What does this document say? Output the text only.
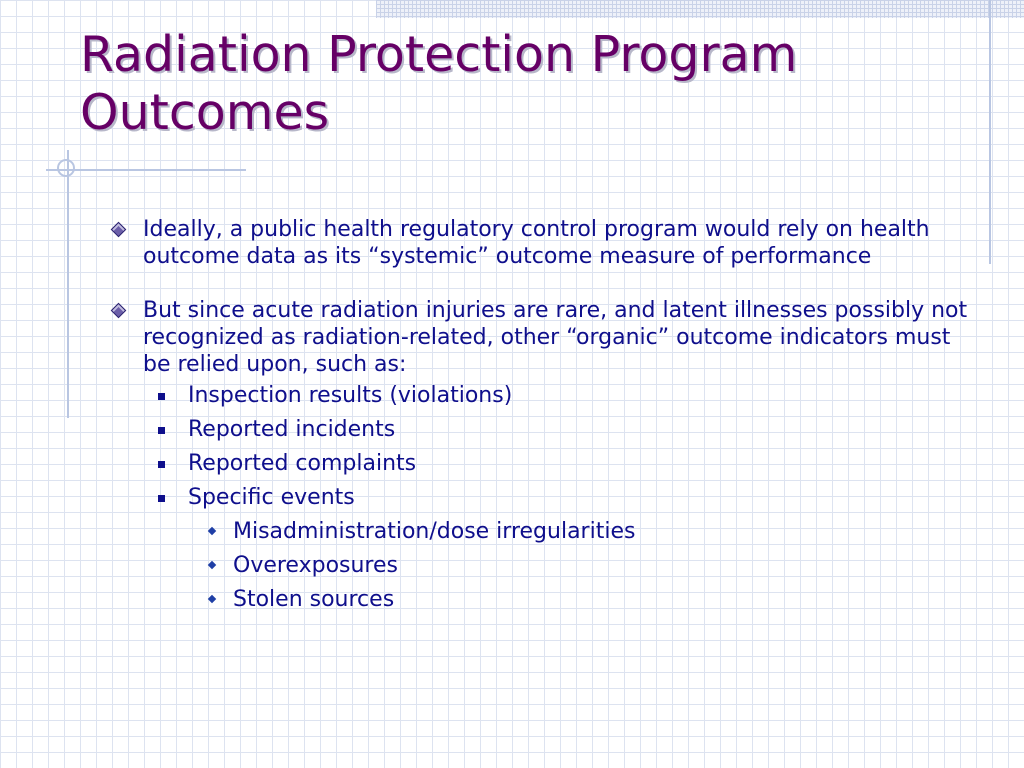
Radiation Protection Program
Outcomes
Ideally, a public health regulatory control program would rely on health outcome data as its “systemic” outcome measure of performance
But since acute radiation injuries are rare, and latent illnesses possibly not recognized as radiation-related, other “organic” outcome indicators must be relied upon, such as:
Inspection results (violations)
Reported incidents
Reported complaints
Specific events
Misadministration/dose irregularities
Overexposures
Stolen sources
